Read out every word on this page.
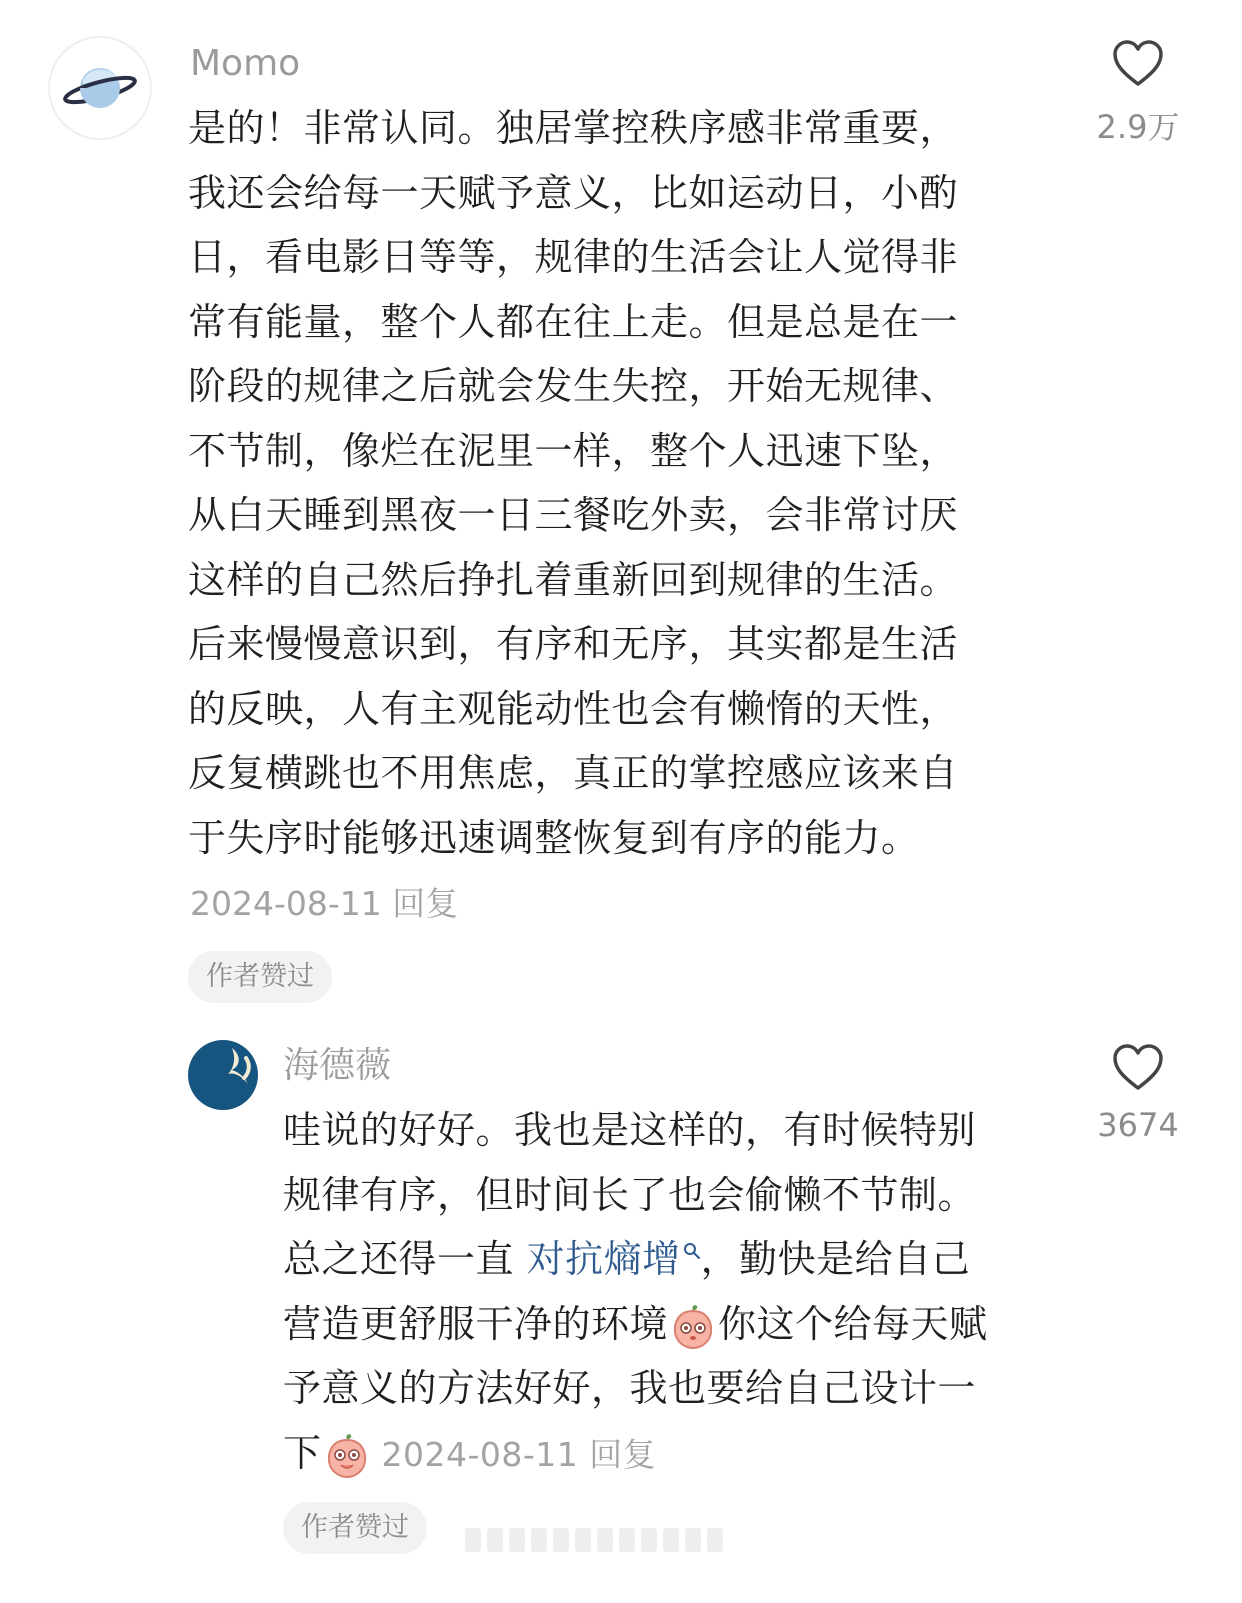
Momo
是的！非常认同。独居掌控秩序感非常重要，
我还会给每一天赋予意义，比如运动日，小酌
日，看电影日等等，规律的生活会让人觉得非
常有能量，整个人都在往上走。但是总是在一
阶段的规律之后就会发生失控，开始无规律、
不节制，像烂在泥里一样，整个人迅速下坠，
从白天睡到黑夜一日三餐吃外卖，会非常讨厌
这样的自己然后挣扎着重新回到规律的生活。
后来慢慢意识到，有序和无序，其实都是生活
的反映，人有主观能动性也会有懒惰的天性，
反复横跳也不用焦虑，真正的掌控感应该来自
于失序时能够迅速调整恢复到有序的能力。
2024-08-11 回复
作者赞过
2.9万
海德薇
哇说的好好。我也是这样的，有时候特别
规律有序，但时间长了也会偷懒不节制。
总之还得一直 对抗熵增 ，勤快是给自己
营造更舒服干净的环境 你这个给每天赋
予意义的方法好好，我也要给自己设计一
下 2024-08-11 回复
作者赞过
3674
